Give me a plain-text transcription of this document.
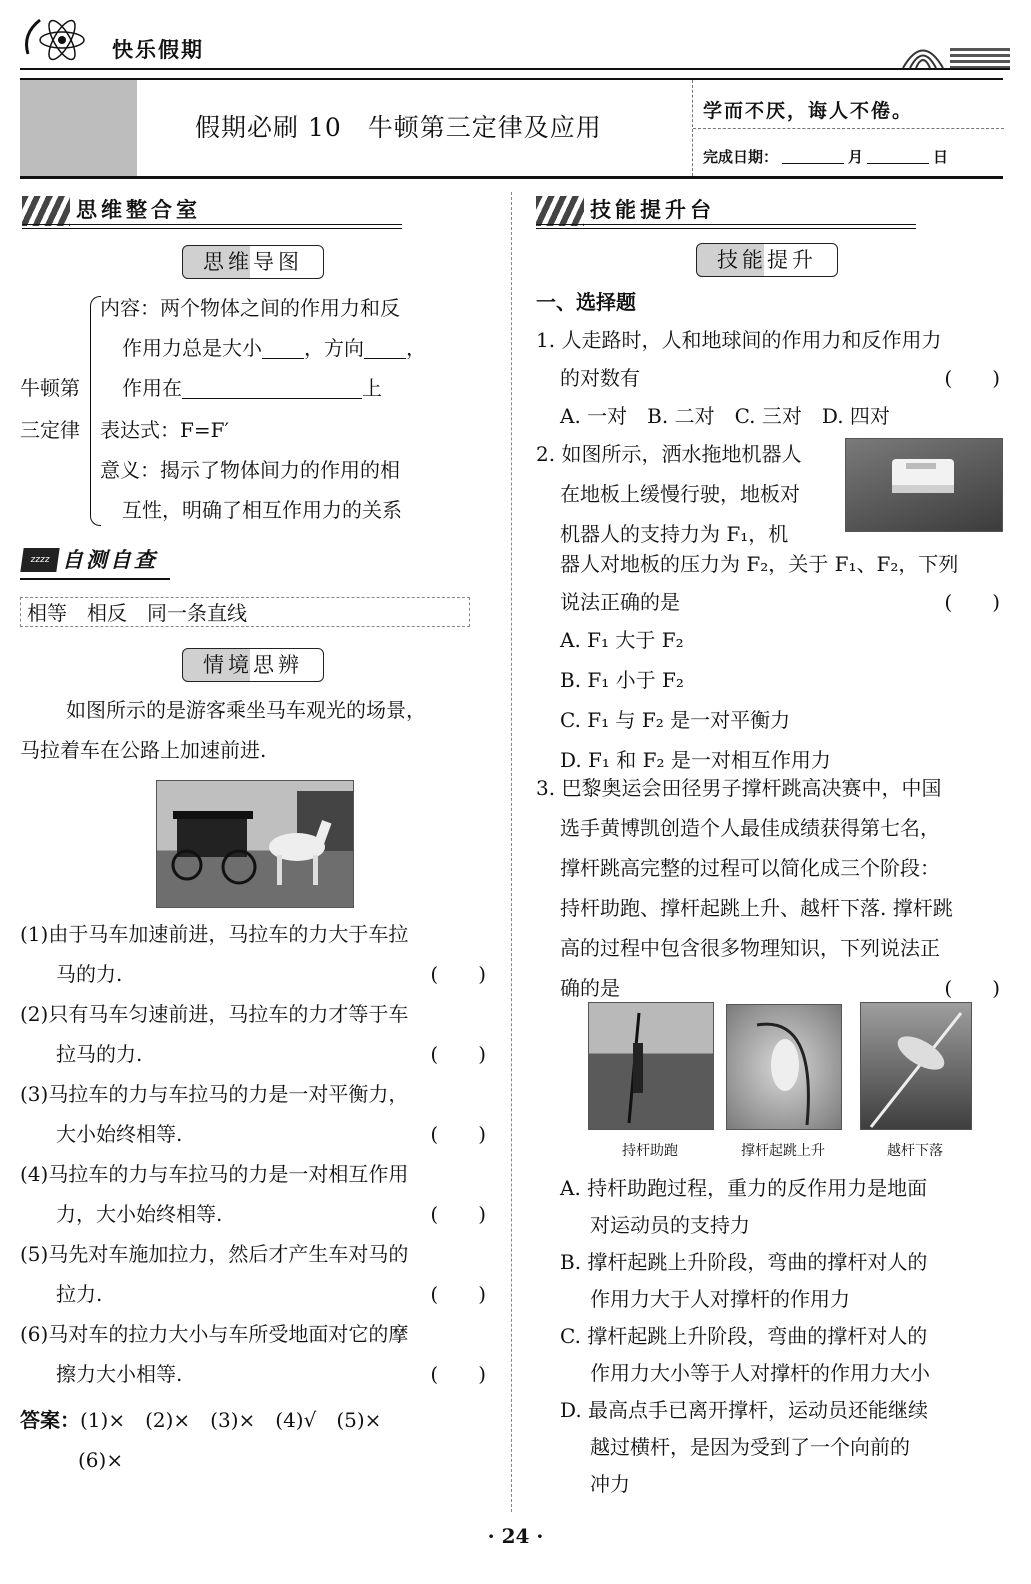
快乐假期
假期必刷 10　牛顿第三定律及应用
学而不厌，诲人不倦。
完成日期：	月	日
思维整合室
思维导图
牛顿第
三定律
内容：两个物体之间的作用力和反
作用力总是大小 ，方向 ，
作用在	上
表达式：F=F′
意义：揭示了物体间力的作用的相
互性，明确了相互作用力的关系
zzzz 自测自查
相等　相反　同一条直线
情境思辨
如图所示的是游客乘坐马车观光的场景，
马拉着车在公路上加速前进.
(1)由于马车加速前进，马拉车的力大于车拉
马的力.	(　　)
(2)只有马车匀速前进，马拉车的力才等于车
拉马的力.	(　　)
(3)马拉车的力与车拉马的力是一对平衡力，
大小始终相等.	(　　)
(4)马拉车的力与车拉马的力是一对相互作用
力，大小始终相等.	(　　)
(5)马先对车施加拉力，然后才产生车对马的
拉力.	(　　)
(6)马对车的拉力大小与车所受地面对它的摩
擦力大小相等.	(　　)
答案：(1)×　(2)×　(3)×　(4)√　(5)×
(6)×
技能提升台
技能提升
一、选择题
1. 人走路时，人和地球间的作用力和反作用力
的对数有	(　　)
A. 一对　B. 二对　C. 三对　D. 四对
2. 如图所示，洒水拖地机器人
在地板上缓慢行驶，地板对
机器人的支持力为 F₁，机
器人对地板的压力为 F₂，关于 F₁、F₂，下列
说法正确的是	(　　)
A. F₁ 大于 F₂
B. F₁ 小于 F₂
C. F₁ 与 F₂ 是一对平衡力
D. F₁ 和 F₂ 是一对相互作用力
3. 巴黎奥运会田径男子撑杆跳高决赛中，中国
选手黄博凯创造个人最佳成绩获得第七名，
撑杆跳高完整的过程可以简化成三个阶段：
持杆助跑、撑杆起跳上升、越杆下落. 撑杆跳
高的过程中包含很多物理知识，下列说法正
确的是	(　　)
持杆助跑	撑杆起跳上升	越杆下落
A. 持杆助跑过程，重力的反作用力是地面
对运动员的支持力
B. 撑杆起跳上升阶段，弯曲的撑杆对人的
作用力大于人对撑杆的作用力
C. 撑杆起跳上升阶段，弯曲的撑杆对人的
作用力大小等于人对撑杆的作用力大小
D. 最高点手已离开撑杆，运动员还能继续
越过横杆，是因为受到了一个向前的
冲力
· 24 ·
